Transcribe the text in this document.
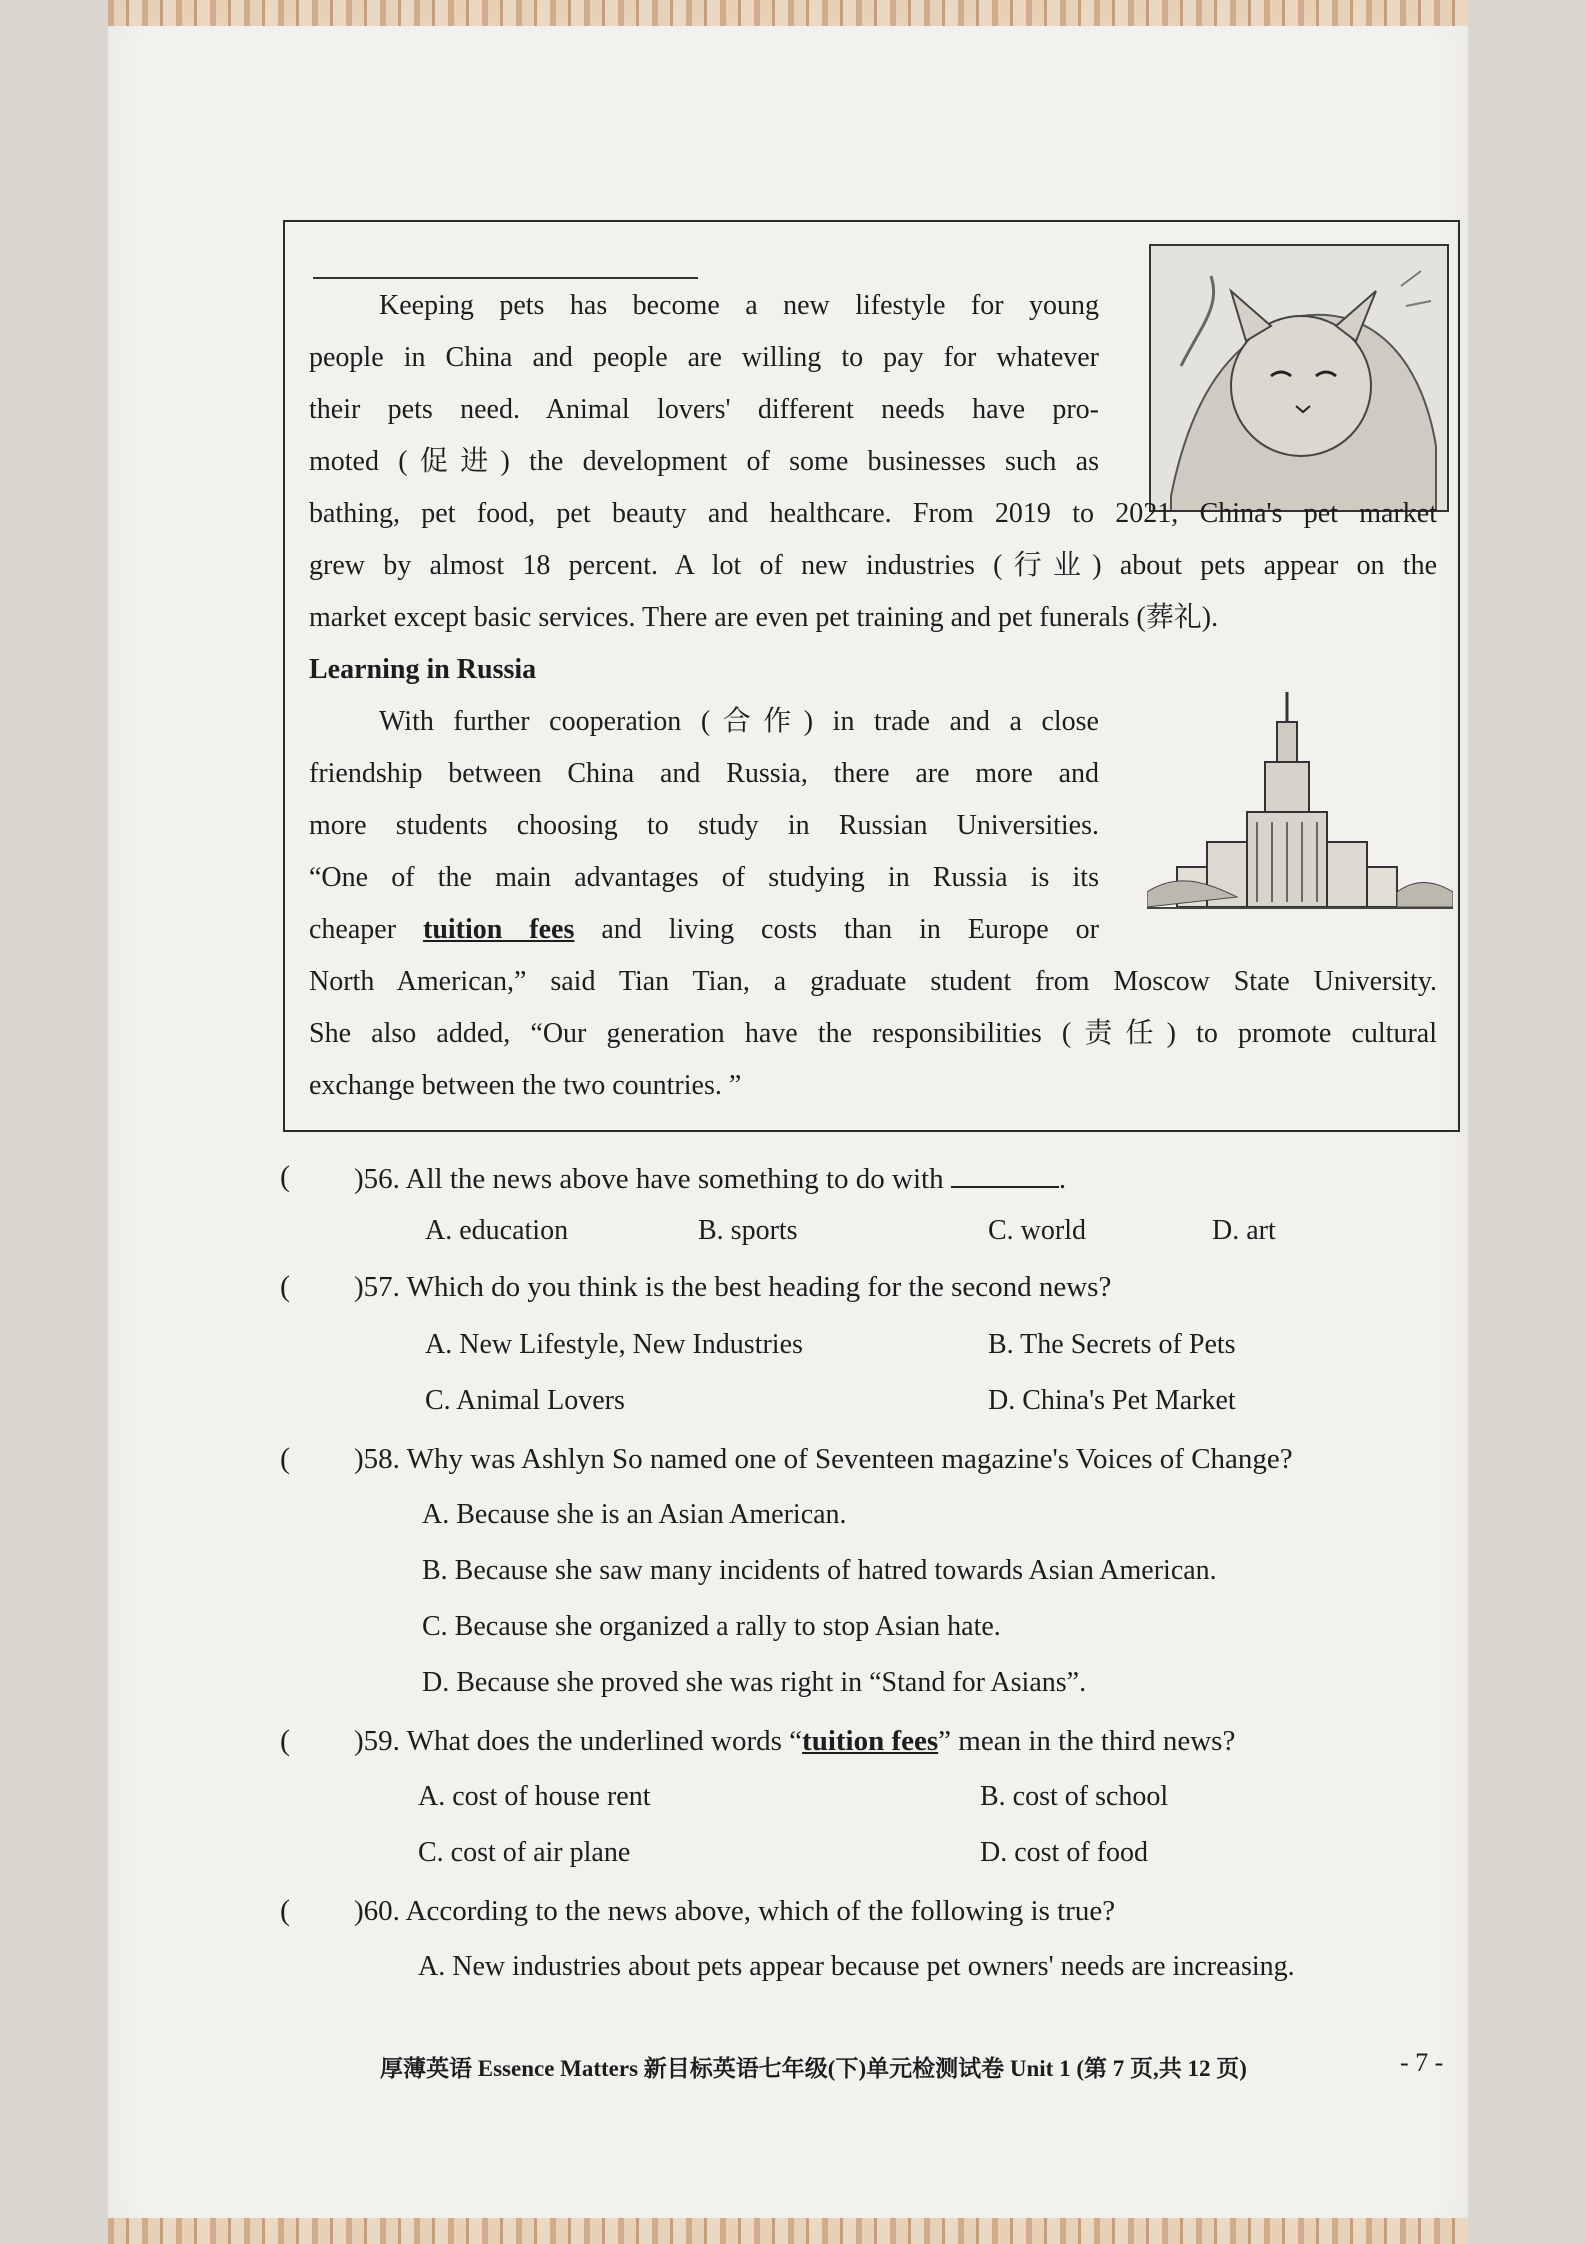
Keeping pets has become a new lifestyle for young
people in China and people are willing to pay for whatever
their pets need. Animal lovers' different needs have pro-
moted (促进) the development of some businesses such as
bathing, pet food, pet beauty and healthcare. From 2019 to 2021, China's pet market
grew by almost 18 percent. A lot of new industries (行业) about pets appear on the
market except basic services. There are even pet training and pet funerals (葬礼).
Learning in Russia
With further cooperation (合作) in trade and a close
friendship between China and Russia, there are more and
more students choosing to study in Russian Universities.
“One of the main advantages of studying in Russia is its
cheaper tuition fees and living costs than in Europe or
North American,” said Tian Tian, a graduate student from Moscow State University.
She also added, “Our generation have the responsibilities (责任) to promote cultural
exchange between the two countries. ”
( )56. All the news above have something to do with	.
A. education	B. sports	C. world	D. art
( )57. Which do you think is the best heading for the second news?
A. New Lifestyle, New Industries	B. The Secrets of Pets
C. Animal Lovers	D. China's Pet Market
( )58. Why was Ashlyn So named one of Seventeen magazine's Voices of Change?
A. Because she is an Asian American.
B. Because she saw many incidents of hatred towards Asian American.
C. Because she organized a rally to stop Asian hate.
D. Because she proved she was right in “Stand for Asians”.
( )59. What does the underlined words “tuition fees” mean in the third news?
A. cost of house rent	B. cost of school
C. cost of air plane	D. cost of food
( )60. According to the news above, which of the following is true?
A. New industries about pets appear because pet owners' needs are increasing.
厚薄英语 Essence Matters 新目标英语七年级(下)单元检测试卷 Unit 1 (第 7 页,共 12 页)	- 7 -
